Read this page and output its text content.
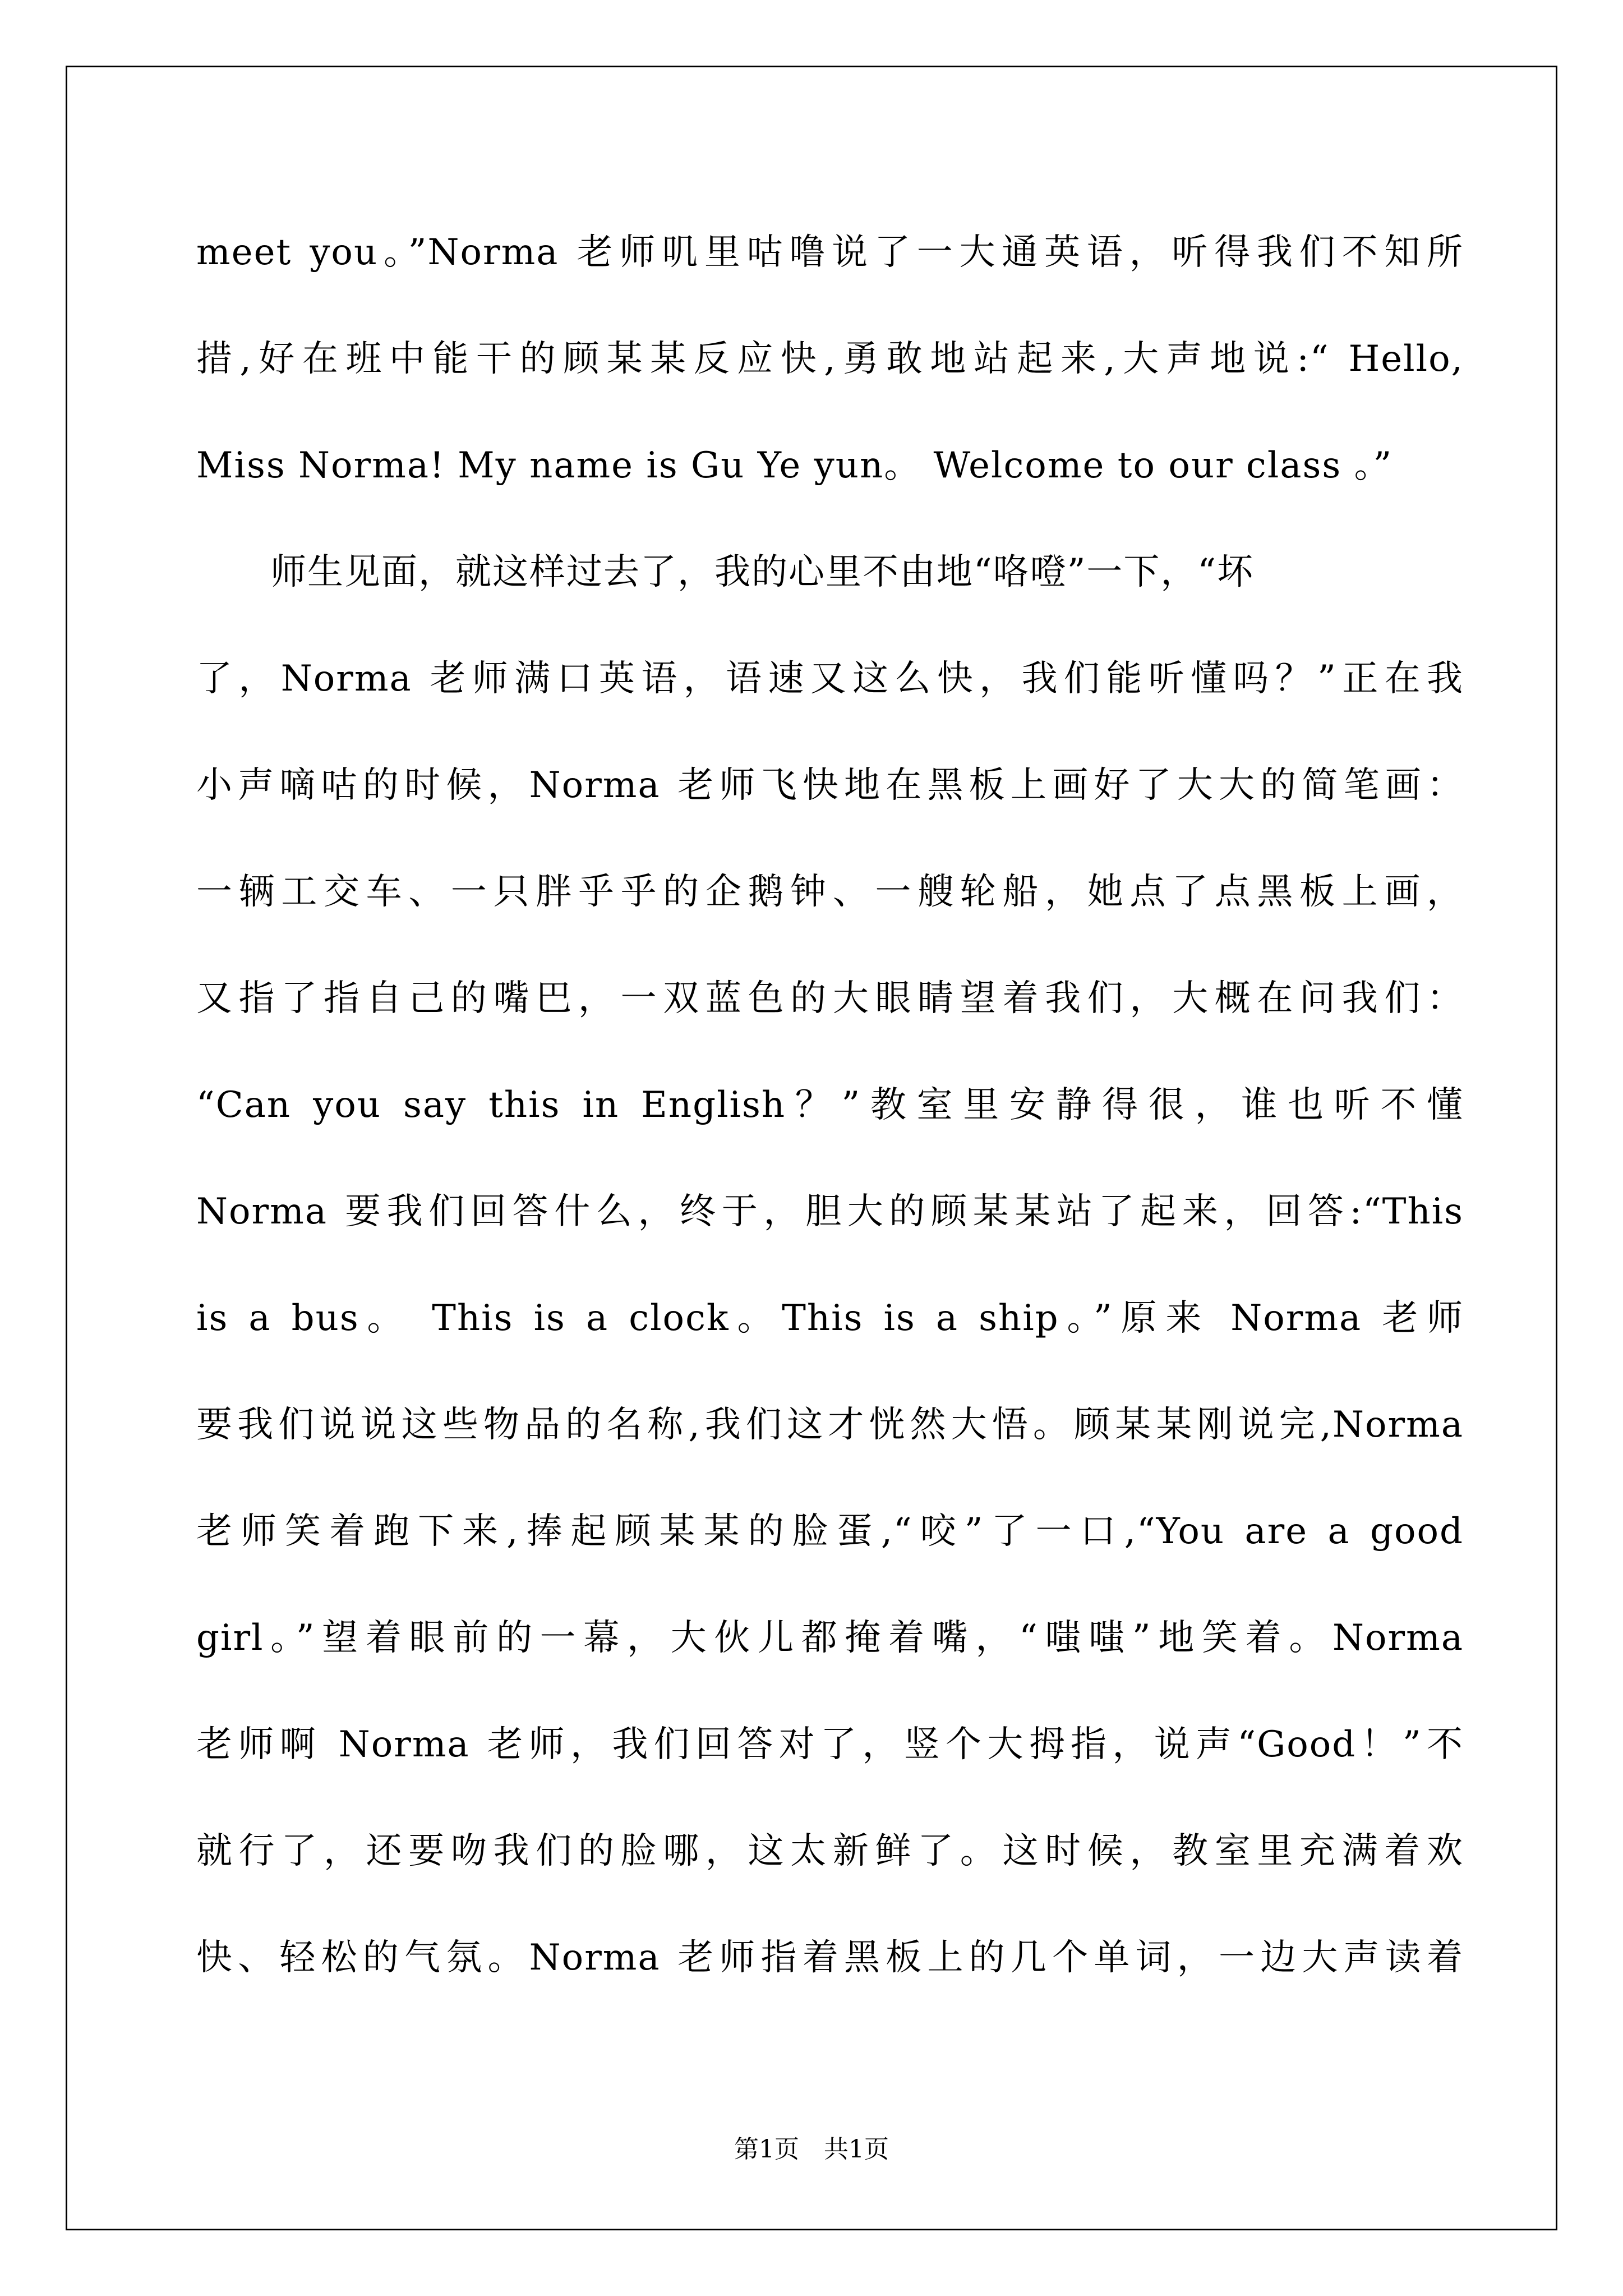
meet you。”Norma 老师叽里咕噜说了一大通英语，听得我们不知所
措,好在班中能干的顾某某反应快,勇敢地站起来,大声地说:“ Hello,
Miss Norma! My name is Gu Ye yun。 Welcome to our class 。”
　　师生见面，就这样过去了，我的心里不由地“咯噔”一下，“坏
了，Norma 老师满口英语，语速又这么快，我们能听懂吗？”正在我
小声嘀咕的时候，Norma 老师飞快地在黑板上画好了大大的简笔画：
一辆工交车、一只胖乎乎的企鹅钟、一艘轮船，她点了点黑板上画，
又指了指自己的嘴巴，一双蓝色的大眼睛望着我们，大概在问我们：
“Can you say this in English？”教室里安静得很，谁也听不懂
Norma 要我们回答什么，终于，胆大的顾某某站了起来，回答:“This
is a bus。 This is a clock。This is a ship。”原来 Norma 老师
要我们说说这些物品的名称,我们这才恍然大悟。顾某某刚说完,Norma
老师笑着跑下来,捧起顾某某的脸蛋,“咬”了一口,“You are a good
girl。”望着眼前的一幕，大伙儿都掩着嘴，“嗤嗤”地笑着。Norma
老师啊 Norma 老师，我们回答对了，竖个大拇指，说声“Good！”不
就行了，还要吻我们的脸哪，这太新鲜了。这时候，教室里充满着欢
快、轻松的气氛。Norma 老师指着黑板上的几个单词，一边大声读着
第1页　共1页
